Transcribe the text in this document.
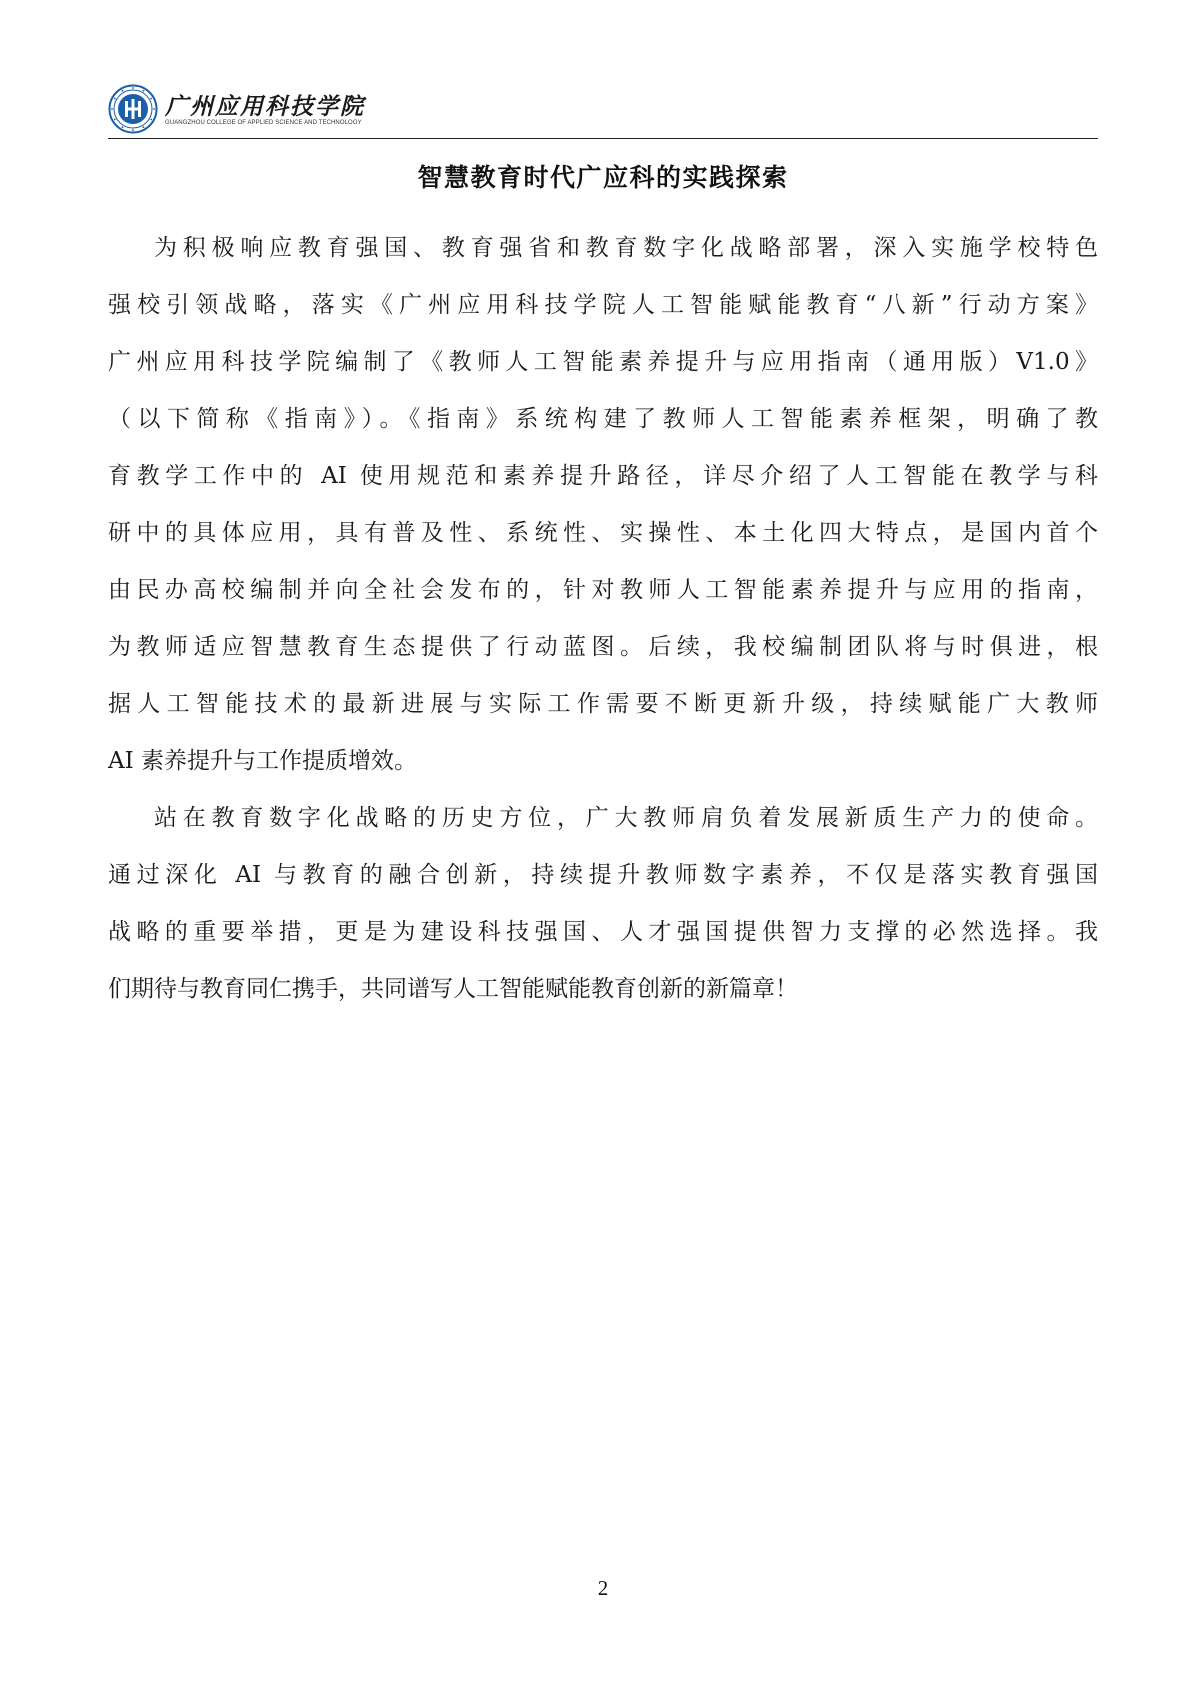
广州应用科技学院
GUANGZHOU COLLEGE OF APPLIED SCIENCE AND TECHNOLOGY
智慧教育时代广应科的实践探索
为积极响应教育强国、教育强省和教育数字化战略部署，深入实施学校特色
强校引领战略，落实《广州应用科技学院人工智能赋能教育“八新”行动方案》
广州应用科技学院编制了《教师人工智能素养提升与应用指南（通用版）V1.0》
（以下简称《指南》）。《指南》系统构建了教师人工智能素养框架，明确了教
育教学工作中的 AI 使用规范和素养提升路径，详尽介绍了人工智能在教学与科
研中的具体应用，具有普及性、系统性、实操性、本土化四大特点，是国内首个
由民办高校编制并向全社会发布的，针对教师人工智能素养提升与应用的指南，
为教师适应智慧教育生态提供了行动蓝图。后续，我校编制团队将与时俱进，根
据人工智能技术的最新进展与实际工作需要不断更新升级，持续赋能广大教师
AI 素养提升与工作提质增效。
站在教育数字化战略的历史方位，广大教师肩负着发展新质生产力的使命。
通过深化 AI 与教育的融合创新，持续提升教师数字素养，不仅是落实教育强国
战略的重要举措，更是为建设科技强国、人才强国提供智力支撑的必然选择。我
们期待与教育同仁携手，共同谱写人工智能赋能教育创新的新篇章！
2
